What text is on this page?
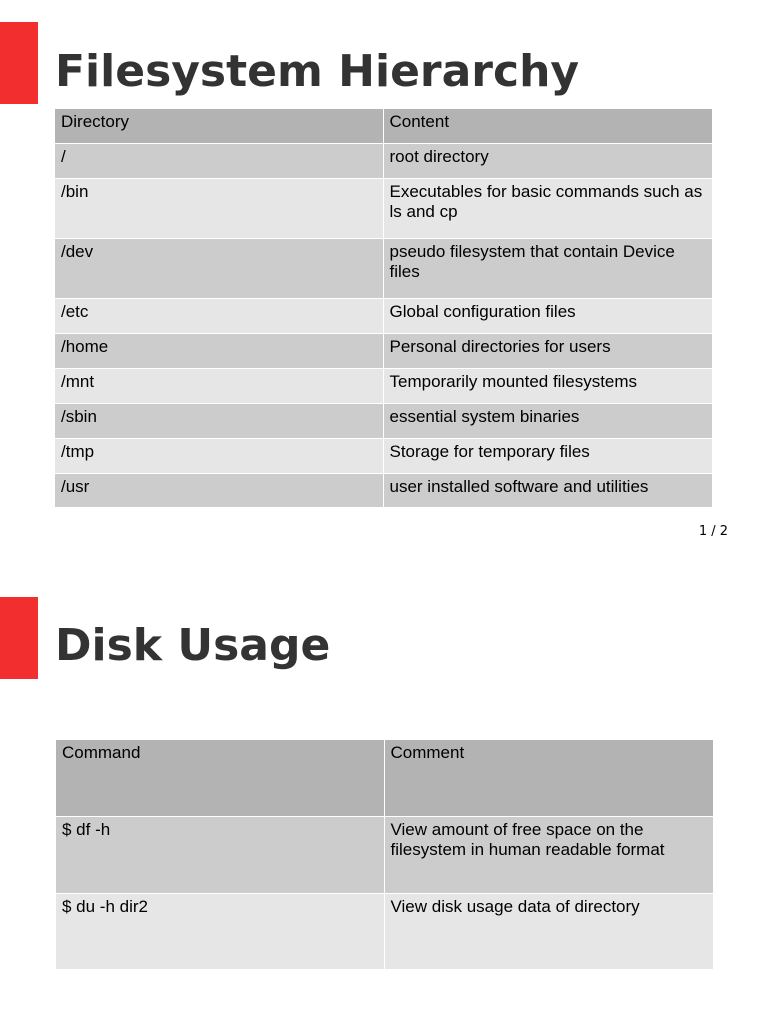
Filesystem Hierarchy
Directory	Content
/	root directory
/bin	Executables for basic commands such as ls and cp
/dev	pseudo filesystem that contain Device files
/etc	Global configuration files
/home	Personal directories for users
/mnt	Temporarily mounted filesystems
/sbin	essential system binaries
/tmp	Storage for temporary files
/usr	user installed software and utilities
1 / 2
Disk Usage
Command	Comment
$ df -h	View amount of free space on the filesystem in human readable format
$ du -h dir2	View disk usage data of directory
